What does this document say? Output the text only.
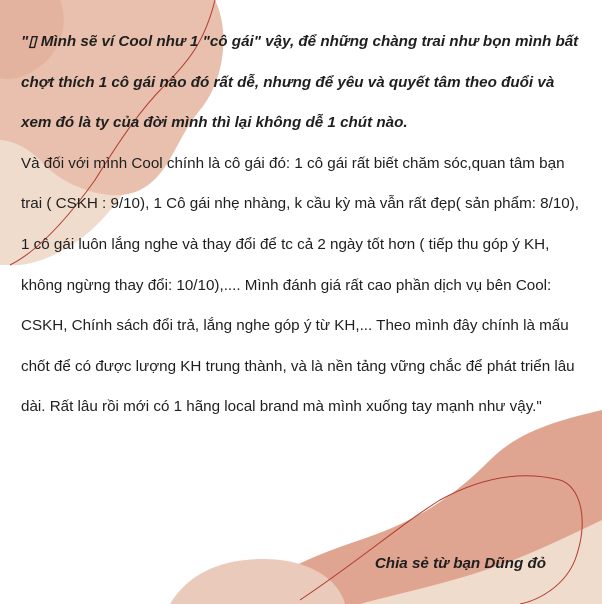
"▯ Mình sẽ ví Cool như 1 "cô gái" vậy, để những chàng trai như bọn mình bất chợt thích 1 cô gái nào đó rất dễ, nhưng để yêu và quyết tâm theo đuổi và xem đó là ty của đời mình thì lại không dễ 1 chút nào.
Và đối với mình Cool chính là cô gái đó: 1 cô gái rất biết chăm sóc,quan tâm bạn trai ( CSKH : 9/10), 1 Cô gái nhẹ nhàng, k cầu kỳ mà vẫn rất đẹp( sản phẩm: 8/10), 1 cô gái luôn lắng nghe và thay đổi để tc cả 2 ngày tốt hơn ( tiếp thu góp ý KH, không ngừng thay đổi: 10/10),.... Mình đánh giá rất cao phần dịch vụ bên Cool: CSKH, Chính sách đổi trả, lắng nghe góp ý từ KH,... Theo mình đây chính là mấu chốt để có được lượng KH trung thành, và là nền tảng vững chắc để phát triển lâu dài. Rất lâu rồi mới có 1 hãng local brand mà mình xuống tay mạnh như vậy."
Chia sẻ từ bạn Dũng đỏ
